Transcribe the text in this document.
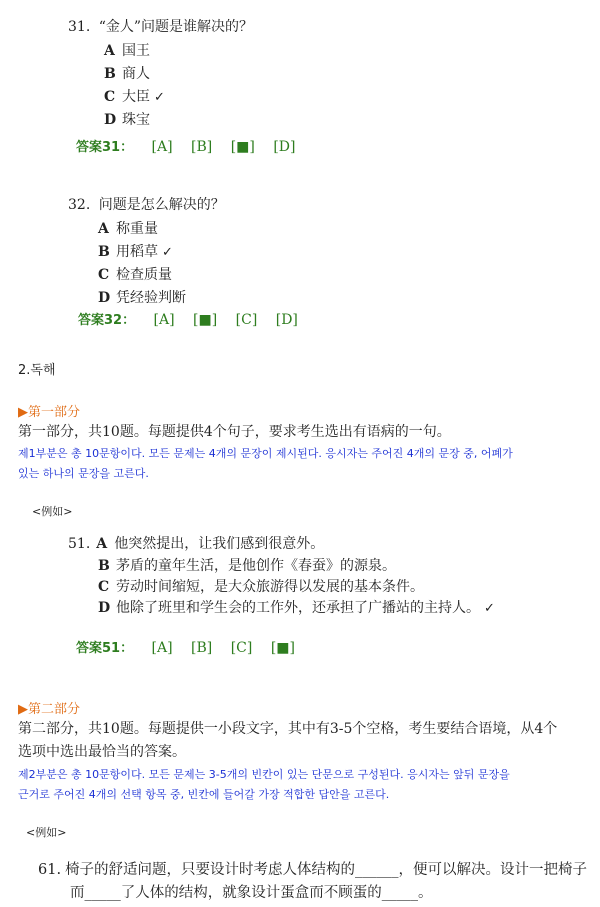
31. “金人”问题是谁解决的？
A 国王
B 商人
C 大臣 ✓
D 珠宝
答案31： [A] [B] [■] [D]
32. 问题是怎么解决的？
A 称重量
B 用稻草 ✓
C 检查质量
D 凭经验判断
答案32： [A] [■] [C] [D]
2.독해
▶第一部分
第一部分，共10题。每题提供4个句子，要求考生选出有语病的一句。
제1부분은 총 10문항이다. 모든 문제는 4개의 문장이 제시된다. 응시자는 주어진 4개의 문장 중, 어폐가
있는 하나의 문장을 고른다.
<例如>
51. A 他突然提出，让我们感到很意外。
B 茅盾的童年生活，是他创作《春蚕》的源泉。
C 劳动时间缩短，是大众旅游得以发展的基本条件。
D 他除了班里和学生会的工作外，还承担了广播站的主持人。 ✓
答案51： [A] [B] [C] [■]
▶第二部分
第二部分，共10题。每题提供一小段文字，其中有3-5个空格，考生要结合语境，从4个
选项中选出最恰当的答案。
제2부분은 총 10문항이다. 모든 문제는 3-5개의 빈칸이 있는 단문으로 구성된다. 응시자는 앞뒤 문장을
근거로 주어진 4개의 선택 항목 중, 빈칸에 들어갈 가장 적합한 답안을 고른다.
<例如>
61. 椅子的舒适问题，只要设计时考虑人体结构的______，便可以解决。设计一把椅子
而_____了人体的结构，就象设计蛋盒而不顾蛋的_____。
